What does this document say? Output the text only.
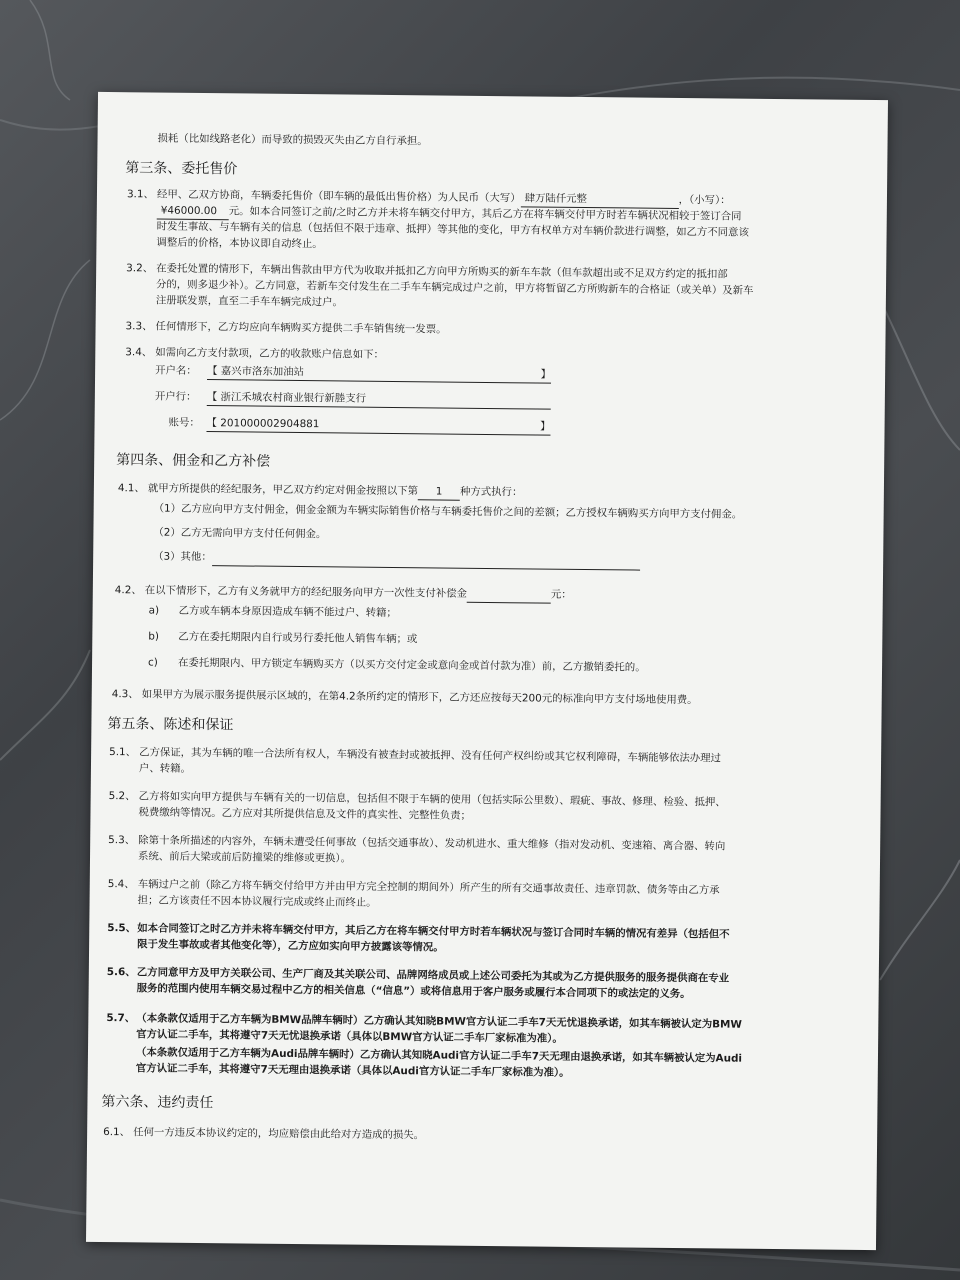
损耗（比如线路老化）而导致的损毁灭失由乙方自行承担。
第三条、委托售价
3.1、 经甲、乙双方协商，车辆委托售价（即车辆的最低出售价格）为人民币（大写） 肆万陆仟元整	，（小写）：
¥46000.00 元。如本合同签订之前/之时乙方并未将车辆交付甲方，其后乙方在将车辆交付甲方时若车辆状况相较于签订合同
时发生事故、与车辆有关的信息（包括但不限于违章、抵押）等其他的变化，甲方有权单方对车辆价款进行调整，如乙方不同意该
调整后的价格，本协议即自动终止。
3.2、 在委托处置的情形下，车辆出售款由甲方代为收取并抵扣乙方向甲方所购买的新车车款（但车款超出或不足双方约定的抵扣部
分的，则多退少补）。乙方同意，若新车交付发生在二手车车辆完成过户之前，甲方将暂留乙方所购新车的合格证（或关单）及新车
注册联发票，直至二手车车辆完成过户。
3.3、 任何情形下，乙方均应向车辆购买方提供二手车销售统一发票。
3.4、 如需向乙方支付款项，乙方的收款账户信息如下：
开户名： 【 嘉兴市洛东加油站	】
开户行： 【 浙江禾城农村商业银行新塍支行
账号： 【 201000002904881	】
第四条、佣金和乙方补偿
4.1、 就甲方所提供的经纪服务，甲乙双方约定对佣金按照以下第 1 种方式执行：
（1）乙方应向甲方支付佣金，佣金金额为车辆实际销售价格与车辆委托售价之间的差额；乙方授权车辆购买方向甲方支付佣金。
（2）乙方无需向甲方支付任何佣金。
（3）其他：
4.2、 在以下情形下，乙方有义务就甲方的经纪服务向甲方一次性支付补偿金	元：
a) 乙方或车辆本身原因造成车辆不能过户、转籍；
b) 乙方在委托期限内自行或另行委托他人销售车辆；或
c) 在委托期限内、甲方锁定车辆购买方（以买方交付定金或意向金或首付款为准）前，乙方撤销委托的。
4.3、 如果甲方为展示服务提供展示区域的，在第4.2条所约定的情形下，乙方还应按每天200元的标准向甲方支付场地使用费。
第五条、陈述和保证
5.1、 乙方保证，其为车辆的唯一合法所有权人，车辆没有被查封或被抵押、没有任何产权纠纷或其它权利障碍，车辆能够依法办理过
户、转籍。
5.2、 乙方将如实向甲方提供与车辆有关的一切信息，包括但不限于车辆的使用（包括实际公里数）、瑕疵、事故、修理、检验、抵押、
税费缴纳等情况。乙方应对其所提供信息及文件的真实性、完整性负责；
5.3、 除第十条所描述的内容外，车辆未遭受任何事故（包括交通事故）、发动机进水、重大维修（指对发动机、变速箱、离合器、转向
系统、前后大梁或前后防撞梁的维修或更换）。
5.4、 车辆过户之前（除乙方将车辆交付给甲方并由甲方完全控制的期间外）所产生的所有交通事故责任、违章罚款、债务等由乙方承
担；乙方该责任不因本协议履行完成或终止而终止。
5.5、 如本合同签订之时乙方并未将车辆交付甲方，其后乙方在将车辆交付甲方时若车辆状况与签订合同时车辆的情况有差异（包括但不
限于发生事故或者其他变化等），乙方应如实向甲方披露该等情况。
5.6、 乙方同意甲方及甲方关联公司、生产厂商及其关联公司、品牌网络成员或上述公司委托为其或为乙方提供服务的服务提供商在专业
服务的范围内使用车辆交易过程中乙方的相关信息（“信息”）或将信息用于客户服务或履行本合同项下的或法定的义务。
5.7、 （本条款仅适用于乙方车辆为BMW品牌车辆时）乙方确认其知晓BMW官方认证二手车7天无忧退换承诺，如其车辆被认定为BMW
官方认证二手车，其将遵守7天无忧退换承诺（具体以BMW官方认证二手车厂家标准为准）。
（本条款仅适用于乙方车辆为Audi品牌车辆时）乙方确认其知晓Audi官方认证二手车7天无理由退换承诺，如其车辆被认定为Audi
官方认证二手车，其将遵守7天无理由退换承诺（具体以Audi官方认证二手车厂家标准为准）。
第六条、违约责任
6.1、 任何一方违反本协议约定的，均应赔偿由此给对方造成的损失。
